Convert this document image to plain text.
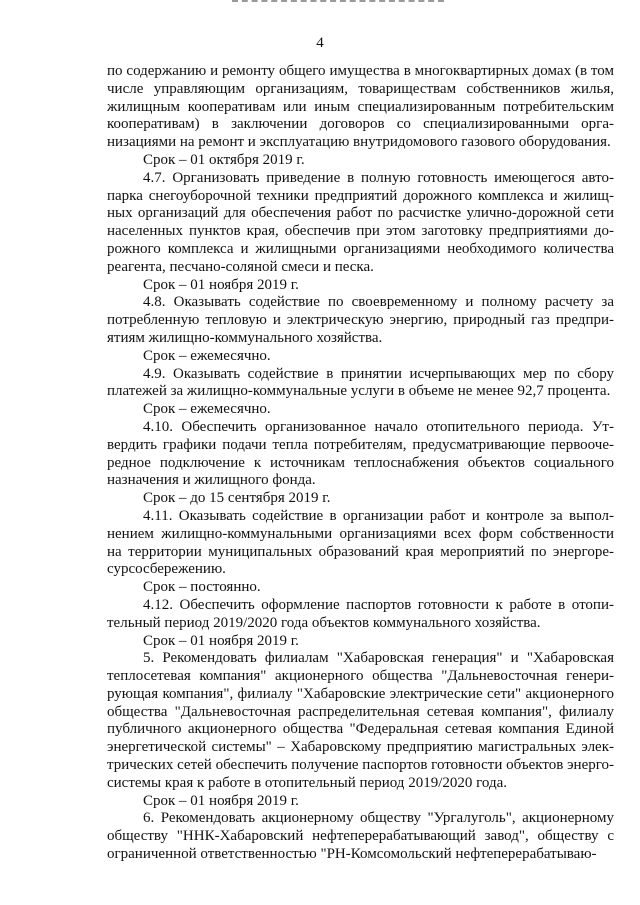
4

по содержанию и ремонту общего имущества в многоквартирных домах (в том числе управляющим организациям, товариществам собственников жилья, жилищным кооперативам или иным специализированным потребительским кооперативам) в заключении договоров со специализированными организациями на ремонт и эксплуатацию внутридомового газового оборудования.

Срок – 01 октября 2019 г.

4.7. Организовать приведение в полную готовность имеющегося автопарка снегоуборочной техники предприятий дорожного комплекса и жилищных организаций для обеспечения работ по расчистке улично-дорожной сети населенных пунктов края, обеспечив при этом заготовку предприятиями дорожного комплекса и жилищными организациями необходимого количества реагента, песчано-соляной смеси и песка.

Срок – 01 ноября 2019 г.

4.8. Оказывать содействие по своевременному и полному расчету за потребленную тепловую и электрическую энергию, природный газ предприятиям жилищно-коммунального хозяйства.

Срок – ежемесячно.

4.9. Оказывать содействие в принятии исчерпывающих мер по сбору платежей за жилищно-коммунальные услуги в объеме не менее 92,7 процента.

Срок – ежемесячно.

4.10. Обеспечить организованное начало отопительного периода. Утвердить графики подачи тепла потребителям, предусматривающие первоочередное подключение к источникам теплоснабжения объектов социального назначения и жилищного фонда.

Срок – до 15 сентября 2019 г.

4.11. Оказывать содействие в организации работ и контроле за выполнением жилищно-коммунальными организациями всех форм собственности на территории муниципальных образований края мероприятий по энергоресурсосбережению.

Срок – постоянно.

4.12. Обеспечить оформление паспортов готовности к работе в отопительный период 2019/2020 года объектов коммунального хозяйства.

Срок – 01 ноября 2019 г.

5. Рекомендовать филиалам "Хабаровская генерация" и "Хабаровская теплосетевая компания" акционерного общества "Дальневосточная генерирующая компания", филиалу "Хабаровские электрические сети" акционерного общества "Дальневосточная распределительная сетевая компания", филиалу публичного акционерного общества "Федеральная сетевая компания Единой энергетической системы" – Хабаровскому предприятию магистральных электрических сетей обеспечить получение паспортов готовности объектов энергосистемы края к работе в отопительный период 2019/2020 года.

Срок – 01 ноября 2019 г.

6. Рекомендовать акционерному обществу "Ургалуголь", акционерному обществу "ННК-Хабаровский нефтеперерабатывающий завод", обществу с ограниченной ответственностью "РН-Комсомольский нефтеперерабатываю-
